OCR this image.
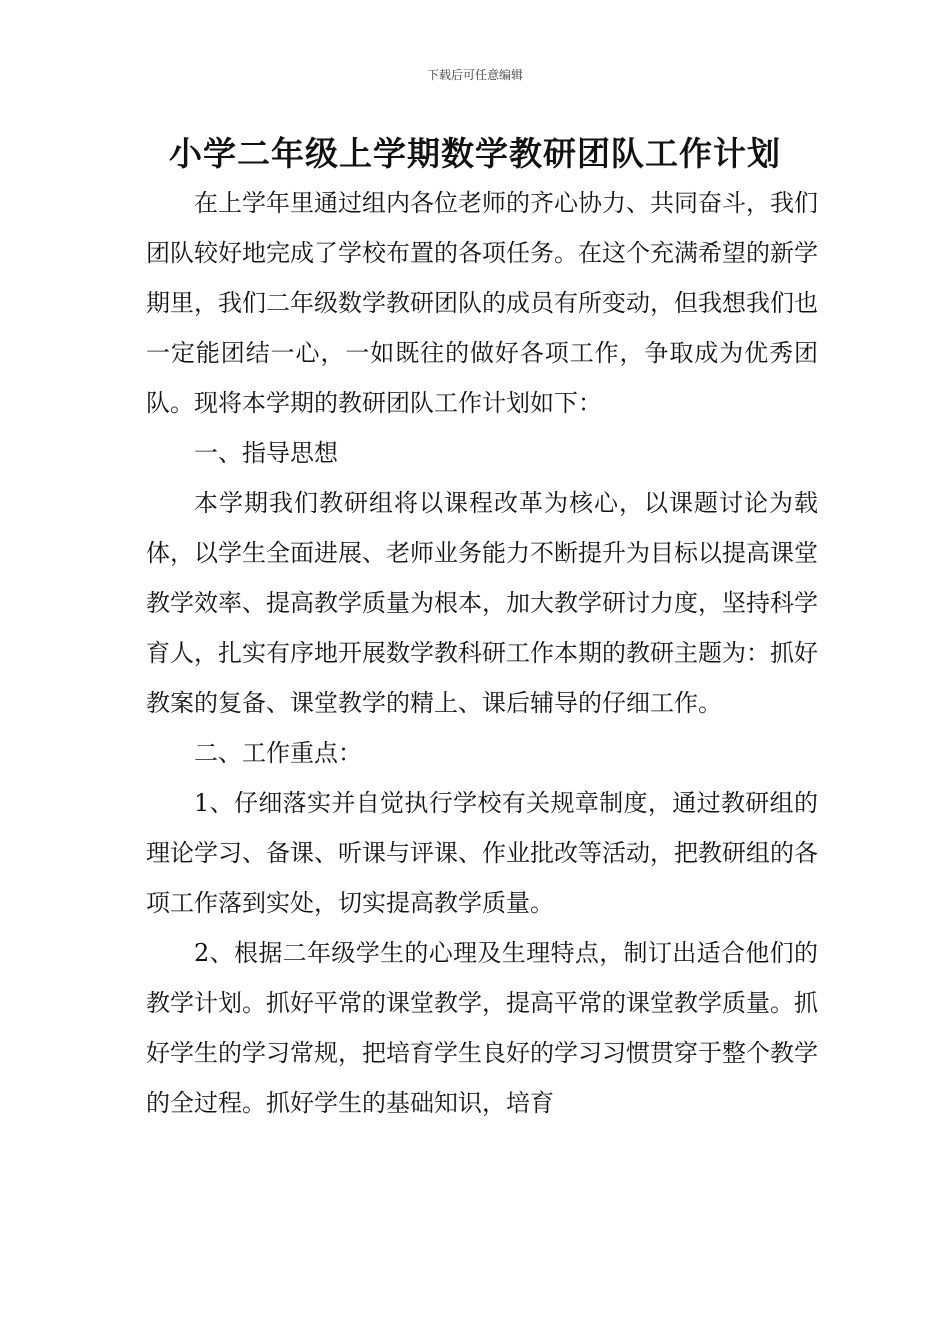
下载后可任意编辑
小学二年级上学期数学教研团队工作计划

在上学年里通过组内各位老师的齐心协力、共同奋斗，我们团队较好地完成了学校布置的各项任务。在这个充满希望的新学期里，我们二年级数学教研团队的成员有所变动，但我想我们也一定能团结一心，一如既往的做好各项工作，争取成为优秀团队。现将本学期的教研团队工作计划如下：

一、指导思想

本学期我们教研组将以课程改革为核心，以课题讨论为载体，以学生全面进展、老师业务能力不断提升为目标以提高课堂教学效率、提高教学质量为根本，加大教学研讨力度，坚持科学育人，扎实有序地开展数学教科研工作本期的教研主题为：抓好教案的复备、课堂教学的精上、课后辅导的仔细工作。

二、工作重点：

1、仔细落实并自觉执行学校有关规章制度，通过教研组的理论学习、备课、听课与评课、作业批改等活动，把教研组的各项工作落到实处，切实提高教学质量。

2、根据二年级学生的心理及生理特点，制订出适合他们的教学计划。抓好平常的课堂教学，提高平常的课堂教学质量。抓好学生的学习常规，把培育学生良好的学习习惯贯穿于整个教学的全过程。抓好学生的基础知识，培育
